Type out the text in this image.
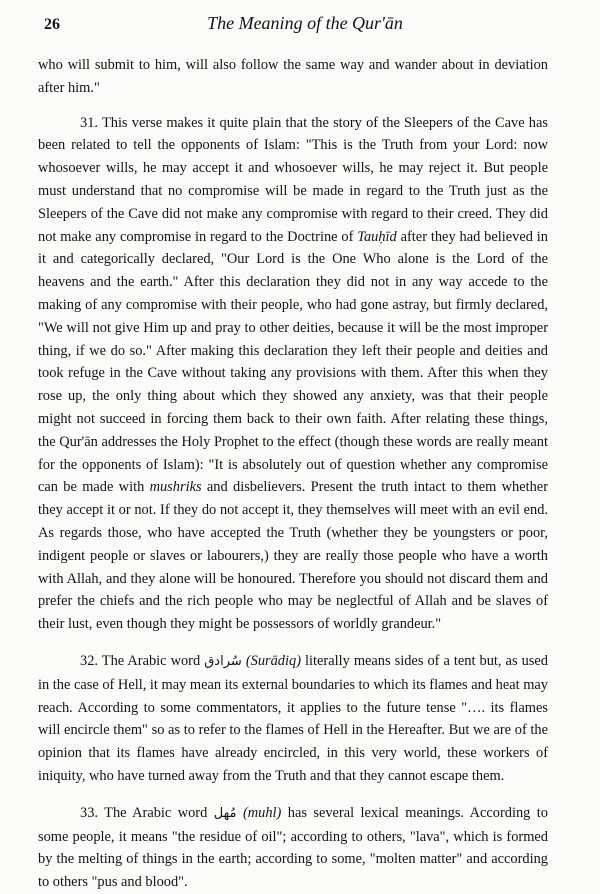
26	The Meaning of the Qur'ān

who will submit to him, will also follow the same way and wander about in deviation after him."

31. This verse makes it quite plain that the story of the Sleepers of the Cave has been related to tell the opponents of Islam: "This is the Truth from your Lord: now whosoever wills, he may accept it and whosoever wills, he may reject it. But people must understand that no compromise will be made in regard to the Truth just as the Sleepers of the Cave did not make any compromise with regard to their creed. They did not make any compromise in regard to the Doctrine of Tauḥīd after they had believed in it and categorically declared, "Our Lord is the One Who alone is the Lord of the heavens and the earth." After this declaration they did not in any way accede to the making of any compromise with their people, who had gone astray, but firmly declared, "We will not give Him up and pray to other deities, because it will be the most improper thing, if we do so." After making this declaration they left their people and deities and took refuge in the Cave without taking any provisions with them. After this when they rose up, the only thing about which they showed any anxiety, was that their people might not succeed in forcing them back to their own faith. After relating these things, the Qur'ān addresses the Holy Prophet to the effect (though these words are really meant for the opponents of Islam): "It is absolutely out of question whether any compromise can be made with mushriks and disbelievers. Present the truth intact to them whether they accept it or not. If they do not accept it, they themselves will meet with an evil end. As regards those, who have accepted the Truth (whether they be youngsters or poor, indigent people or slaves or labourers,) they are really those people who have a worth with Allah, and they alone will be honoured. Therefore you should not discard them and prefer the chiefs and the rich people who may be neglectful of Allah and be slaves of their lust, even though they might be possessors of worldly grandeur."

32. The Arabic word سُرادق (Surādiq) literally means sides of a tent but, as used in the case of Hell, it may mean its external boundaries to which its flames and heat may reach. According to some commentators, it applies to the future tense "…. its flames will encircle them" so as to refer to the flames of Hell in the Hereafter. But we are of the opinion that its flames have already encircled, in this very world, these workers of iniquity, who have turned away from the Truth and that they cannot escape them.

33. The Arabic word مُهل (muhl) has several lexical meanings. According to some people, it means "the residue of oil"; according to others, "lava", which is formed by the melting of things in the earth; according to some, "molten matter" and according to others "pus and blood".
